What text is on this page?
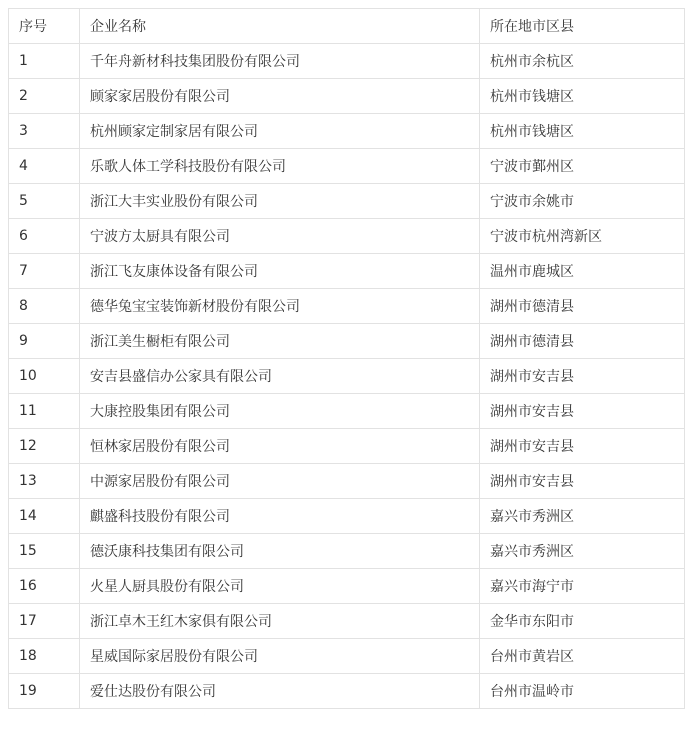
序号	企业名称	所在地市区县
1	千年舟新材科技集团股份有限公司	杭州市余杭区
2	顾家家居股份有限公司	杭州市钱塘区
3	杭州顾家定制家居有限公司	杭州市钱塘区
4	乐歌人体工学科技股份有限公司	宁波市鄞州区
5	浙江大丰实业股份有限公司	宁波市余姚市
6	宁波方太厨具有限公司	宁波市杭州湾新区
7	浙江飞友康体设备有限公司	温州市鹿城区
8	德华兔宝宝装饰新材股份有限公司	湖州市德清县
9	浙江美生橱柜有限公司	湖州市德清县
10	安吉县盛信办公家具有限公司	湖州市安吉县
11	大康控股集团有限公司	湖州市安吉县
12	恒林家居股份有限公司	湖州市安吉县
13	中源家居股份有限公司	湖州市安吉县
14	麒盛科技股份有限公司	嘉兴市秀洲区
15	德沃康科技集团有限公司	嘉兴市秀洲区
16	火星人厨具股份有限公司	嘉兴市海宁市
17	浙江卓木王红木家俱有限公司	金华市东阳市
18	星威国际家居股份有限公司	台州市黄岩区
19	爱仕达股份有限公司	台州市温岭市
